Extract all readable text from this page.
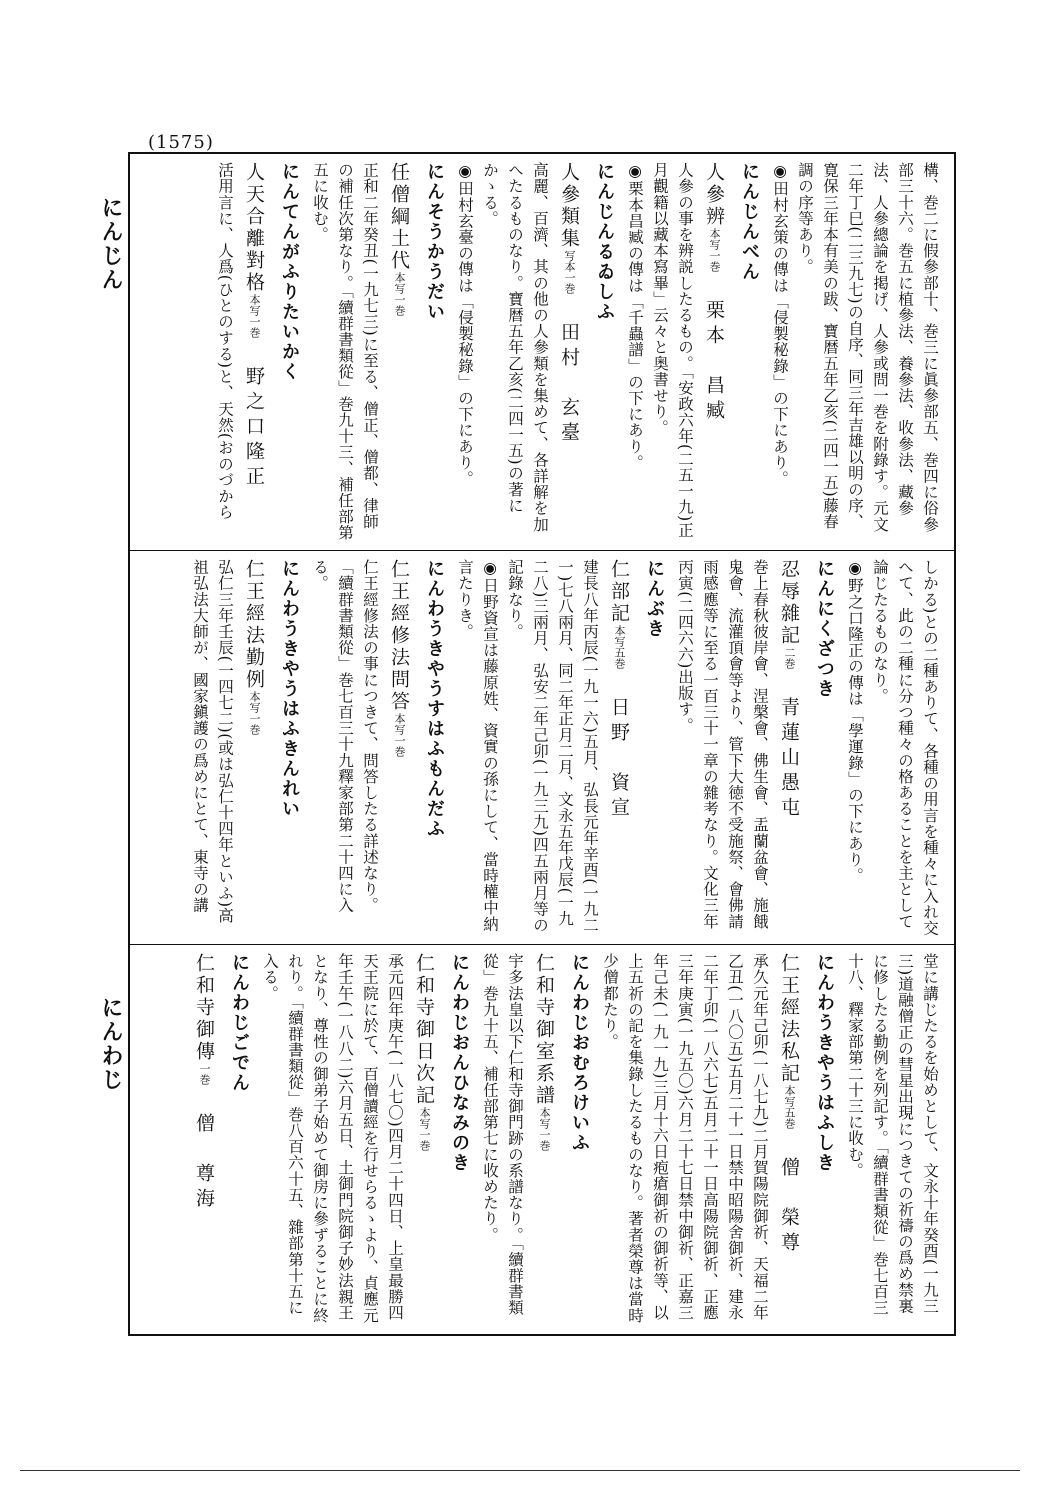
(1575)
にんじん
にんわじ
構、巻二に假參部十、巻三に眞參部五、巻四に俗參部三十六。巻五に植參法、養參法、收參法、藏參法、人參總論を掲げ、人參或問一巻を附錄す。元文二年丁巳(二三九七)の自序、同三年吉雄以明の序、寛保三年本有美の跋、寶暦五年乙亥(二四一五)藤春調の序等あり。
◉田村玄策の傳は「侵製秘錄」の下にあり。
にんじんべん
人參辨本写一巻栗本　昌臧
人參の事を辨説したるもの。「安政六年(二五一九)正月觀籍以藏本寫畢」云々と奥書せり。
◉栗本昌臧の傳は「千蟲譜」の下にあり。
にんじんるゐしふ
人參類集写本一巻田村　玄臺
高麗、百濟、其の他の人參類を集めて、各詳解を加へたるものなり。寶暦五年乙亥(二四一五)の著にかゝる。
◉田村玄臺の傳は「侵製秘錄」の下にあり。
にんそうかうだい
任僧綱土代本写一巻
正和二年癸丑(一九七三)に至る、僧正、僧都、律師の補任次第なり。「續群書類從」巻九十三、補任部第五に收む。
にんてんがふりたいかく
人天合離對格本写一巻野之口隆正
活用言に、人爲(ひとのする)と、天然(おのづから
しかる)との二種ありて、各種の用言を種々に入れ交へて、此の二種に分つ種々の格あることを主として論じたるものなり。
◉野之口隆正の傳は「學運錄」の下にあり。
にんにくざつき
忍辱雜記二巻青蓮山愚屯
巻上春秋彼岸會、涅槃會、佛生會、盂蘭盆會、施餓鬼會、流灌頂會等より、管下大徳不受施祭、會佛請雨感應等に至る一百三十一章の雜考なり。文化三年丙寅(二四六六)出版す。
にんぶき
仁部記本写五巻日野　資宣
建長八年丙辰(一九一六)五月、弘長元年辛酉(一九二一)七八兩月、同二年正月二月、文永五年戊辰(一九二八)三兩月、弘安二年己卯(一九三九)四五兩月等の記錄なり。
◉日野資宣は藤原姓、資實の孫にして、當時權中納言たりき。
にんわうきやうすはふもんだふ
仁王經修法問答本写一巻
仁王經修法の事につきて、問答したる詳述なり。「續群書類從」巻七百三十九釋家部第二十四に入る。
にんわうきやうはふきんれい
仁王經法勤例本写一巻
弘仁三年壬辰(一四七二)(或は弘仁十四年といふ)高祖弘法大師が、國家鎭護の爲めにとて、東寺の講
堂に講じたるを始めとして、文永十年癸酉(一九三三)道融僧正の彗星出現につきての祈禱の爲め禁裏に修したる勤例を列記す。「續群書類從」巻七百三十八、釋家部第二十三に收む。
にんわうきやうはふしき
仁王經法私記本写五巻僧　榮尊
承久元年己卯(一八七九)二月賀陽院御祈、天福二年乙丑(一八〇五)五月二十一日禁中昭陽舍御祈、建永二年丁卯(一八六七)五月二十一日高陽院御祈、正應三年庚寅(一九五〇)六月二十七日禁中御祈、正嘉三年己未(一九一九)三月十六日疱瘡御祈の御祈等、以上五祈の記を集錄したるものなり。著者榮尊は當時少僧都たり。
にんわじおむろけいふ
仁和寺御室系譜本写一巻
宇多法皇以下仁和寺御門跡の系譜なり。「續群書類從」巻九十五、補任部第七に收めたり。
にんわじおんひなみのき
仁和寺御日次記本写一巻
承元四年庚午(一八七〇)四月二十四日、上皇最勝四天王院に於て、百僧讀經を行せらるゝより、貞應元年壬午(一八八二)六月五日、土御門院御子妙法親王となり、尊性の御弟子始めて御房に參ずることに終れり。「續群書類從」巻八百六十五、雜部第十五に入る。
にんわじごでん
仁和寺御傳一巻僧　尊海
